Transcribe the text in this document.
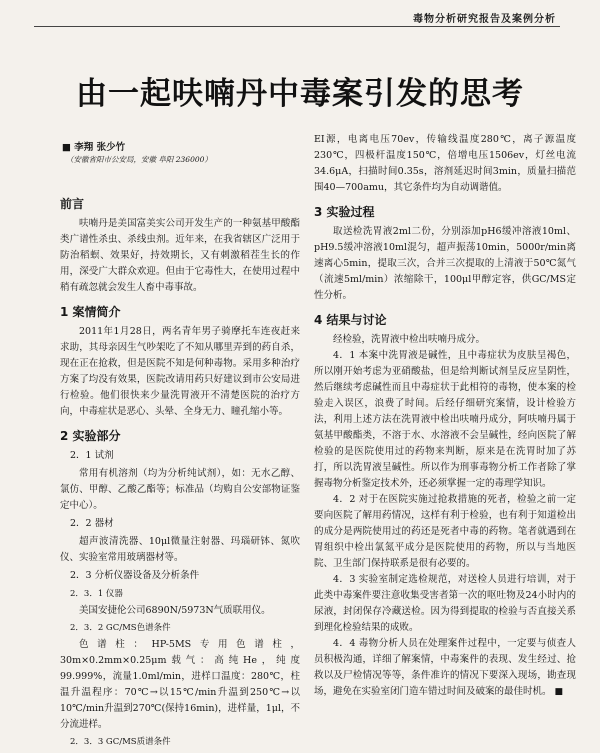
毒物分析研究报告及案例分析
由一起呋喃丹中毒案引发的思考
■ 李翔 张少竹
（安徽省阳市公安局，安徽 阜阳 236000）
前言

呋喃丹是美国富美实公司开发生产的一种氨基甲酸酯类广谱性杀虫、杀线虫剂。近年来，在我省辖区广泛用于防治稻螟、效果好，持效期长，又有刺激稻茬生长的作用，深受广大群众欢迎。但由于它毒性大，在使用过程中稍有疏忽就会发生人畜中毒事故。

1 案情简介

2011年1月28日，两名青年男子骑摩托车连夜赶来求助，其母亲因生气吵架吃了不知从哪里弄到的药自杀，现在正在抢救，但是医院不知是何种毒物。采用多种治疗方案了均没有效果，医院改请用药只好建议到市公安局进行检验。他们很快来少量洗胃液开不清楚医院的治疗方向，中毒症状是恶心、头晕、全身无力、瞳孔缩小等。

2 实验部分
2．1 试剂

常用有机溶剂（均为分析纯试剂），如：无水乙醇、氯仿、甲醇、乙酸乙酯等；标准品（均购自公安部物证鉴定中心）。

2．2 器材

超声波清洗器、10μl微量注射器、玛瑙研钵、氮吹仪、实验室常用玻璃器材等。

2．3 分析仪器设备及分析条件
2．3．1 仪器

美国安捷伦公司6890N/5973N气质联用仪。

2．3．2 GC/MS色谱条件

色谱柱：HP-5MS专用色谱柱，30m×0.2mm×0.25μm载气：高纯He，纯度99.999%，流量1.0ml/min，进样口温度：280℃，柱温升温程序：70℃→以15℃/min升温到250℃→以10℃/min升温到270℃(保持16min)，进样量，1μl，不分流进样。

2．3．3 GC/MS质谱条件

EI源，电离电压70ev，传输线温度280℃，离子源温度230℃，四极杆温度150℃，倍增电压1506ev，灯丝电流34.6μA，扫描时间0.35s，溶剂延迟时间3min，质量扫描范围40—700amu，其它条件均为自动调谐值。

3 实验过程

取送检洗胃液2ml二份，分别添加pH6缓冲溶液10ml、pH9.5缓冲溶液10ml混匀，超声振荡10min，5000r/min离速离心5min，提取三次，合并三次提取的上清液于50℃氮气（流速5ml/min）浓缩除干，100μl甲醇定容，供GC/MS定性分析。

4 结果与讨论

经检验，洗胃液中检出呋喃丹成分。

4．1 本案中洗胃液是碱性，且中毒症状为皮肤呈褐色，所以刚开始考虑为亚硝酸盐，但是给判断试剂呈反应呈阴性，然后继续考虑碱性而且中毒症状于此相符的毒物，使本案的检验走入误区，浪费了时间。后经仔细研究案情，设计检验方法，利用上述方法在洗胃液中检出呋喃丹成分，阿呋喃丹属于氨基甲酸酯类，不溶于水、水溶液不会呈碱性，经向医院了解检验的是医院使用过的药物来判断，原来是在洗胃时加了苏打，所以洗胃液呈碱性。所以作为刑事毒物分析工作者除了掌握毒物分析鉴定技术外，还必须掌握一定的毒理学知识。

4．2 对于在医院实施过抢救措施的死者，检验之前一定要向医院了解用药情况，这样有利于检验，也有利于知道检出的成分是两院使用过的药还是死者中毒的药物。笔者就遇到在胃组织中检出氯氮平成分是医院使用的药物，所以与当地医院、卫生部门保持联系是很有必要的。

4．3 实验室制定选检规范，对送检人员进行培训，对于此类中毒案件要注意收集受害者第一次的呕吐物及24小时内的尿液，封闭保存冷藏送检。因为得到提取的检验与否直接关系到理化检验结果的成败。

4．4 毒物分析人员在处理案件过程中，一定要与侦查人员积极沟通，详细了解案情，中毒案件的表现、发生经过、抢救以及尸检情况等等，条件准许的情况下要深入现场，勘查现场，避免在实验室闭门造车错过时间及破案的最佳时机。 ■
